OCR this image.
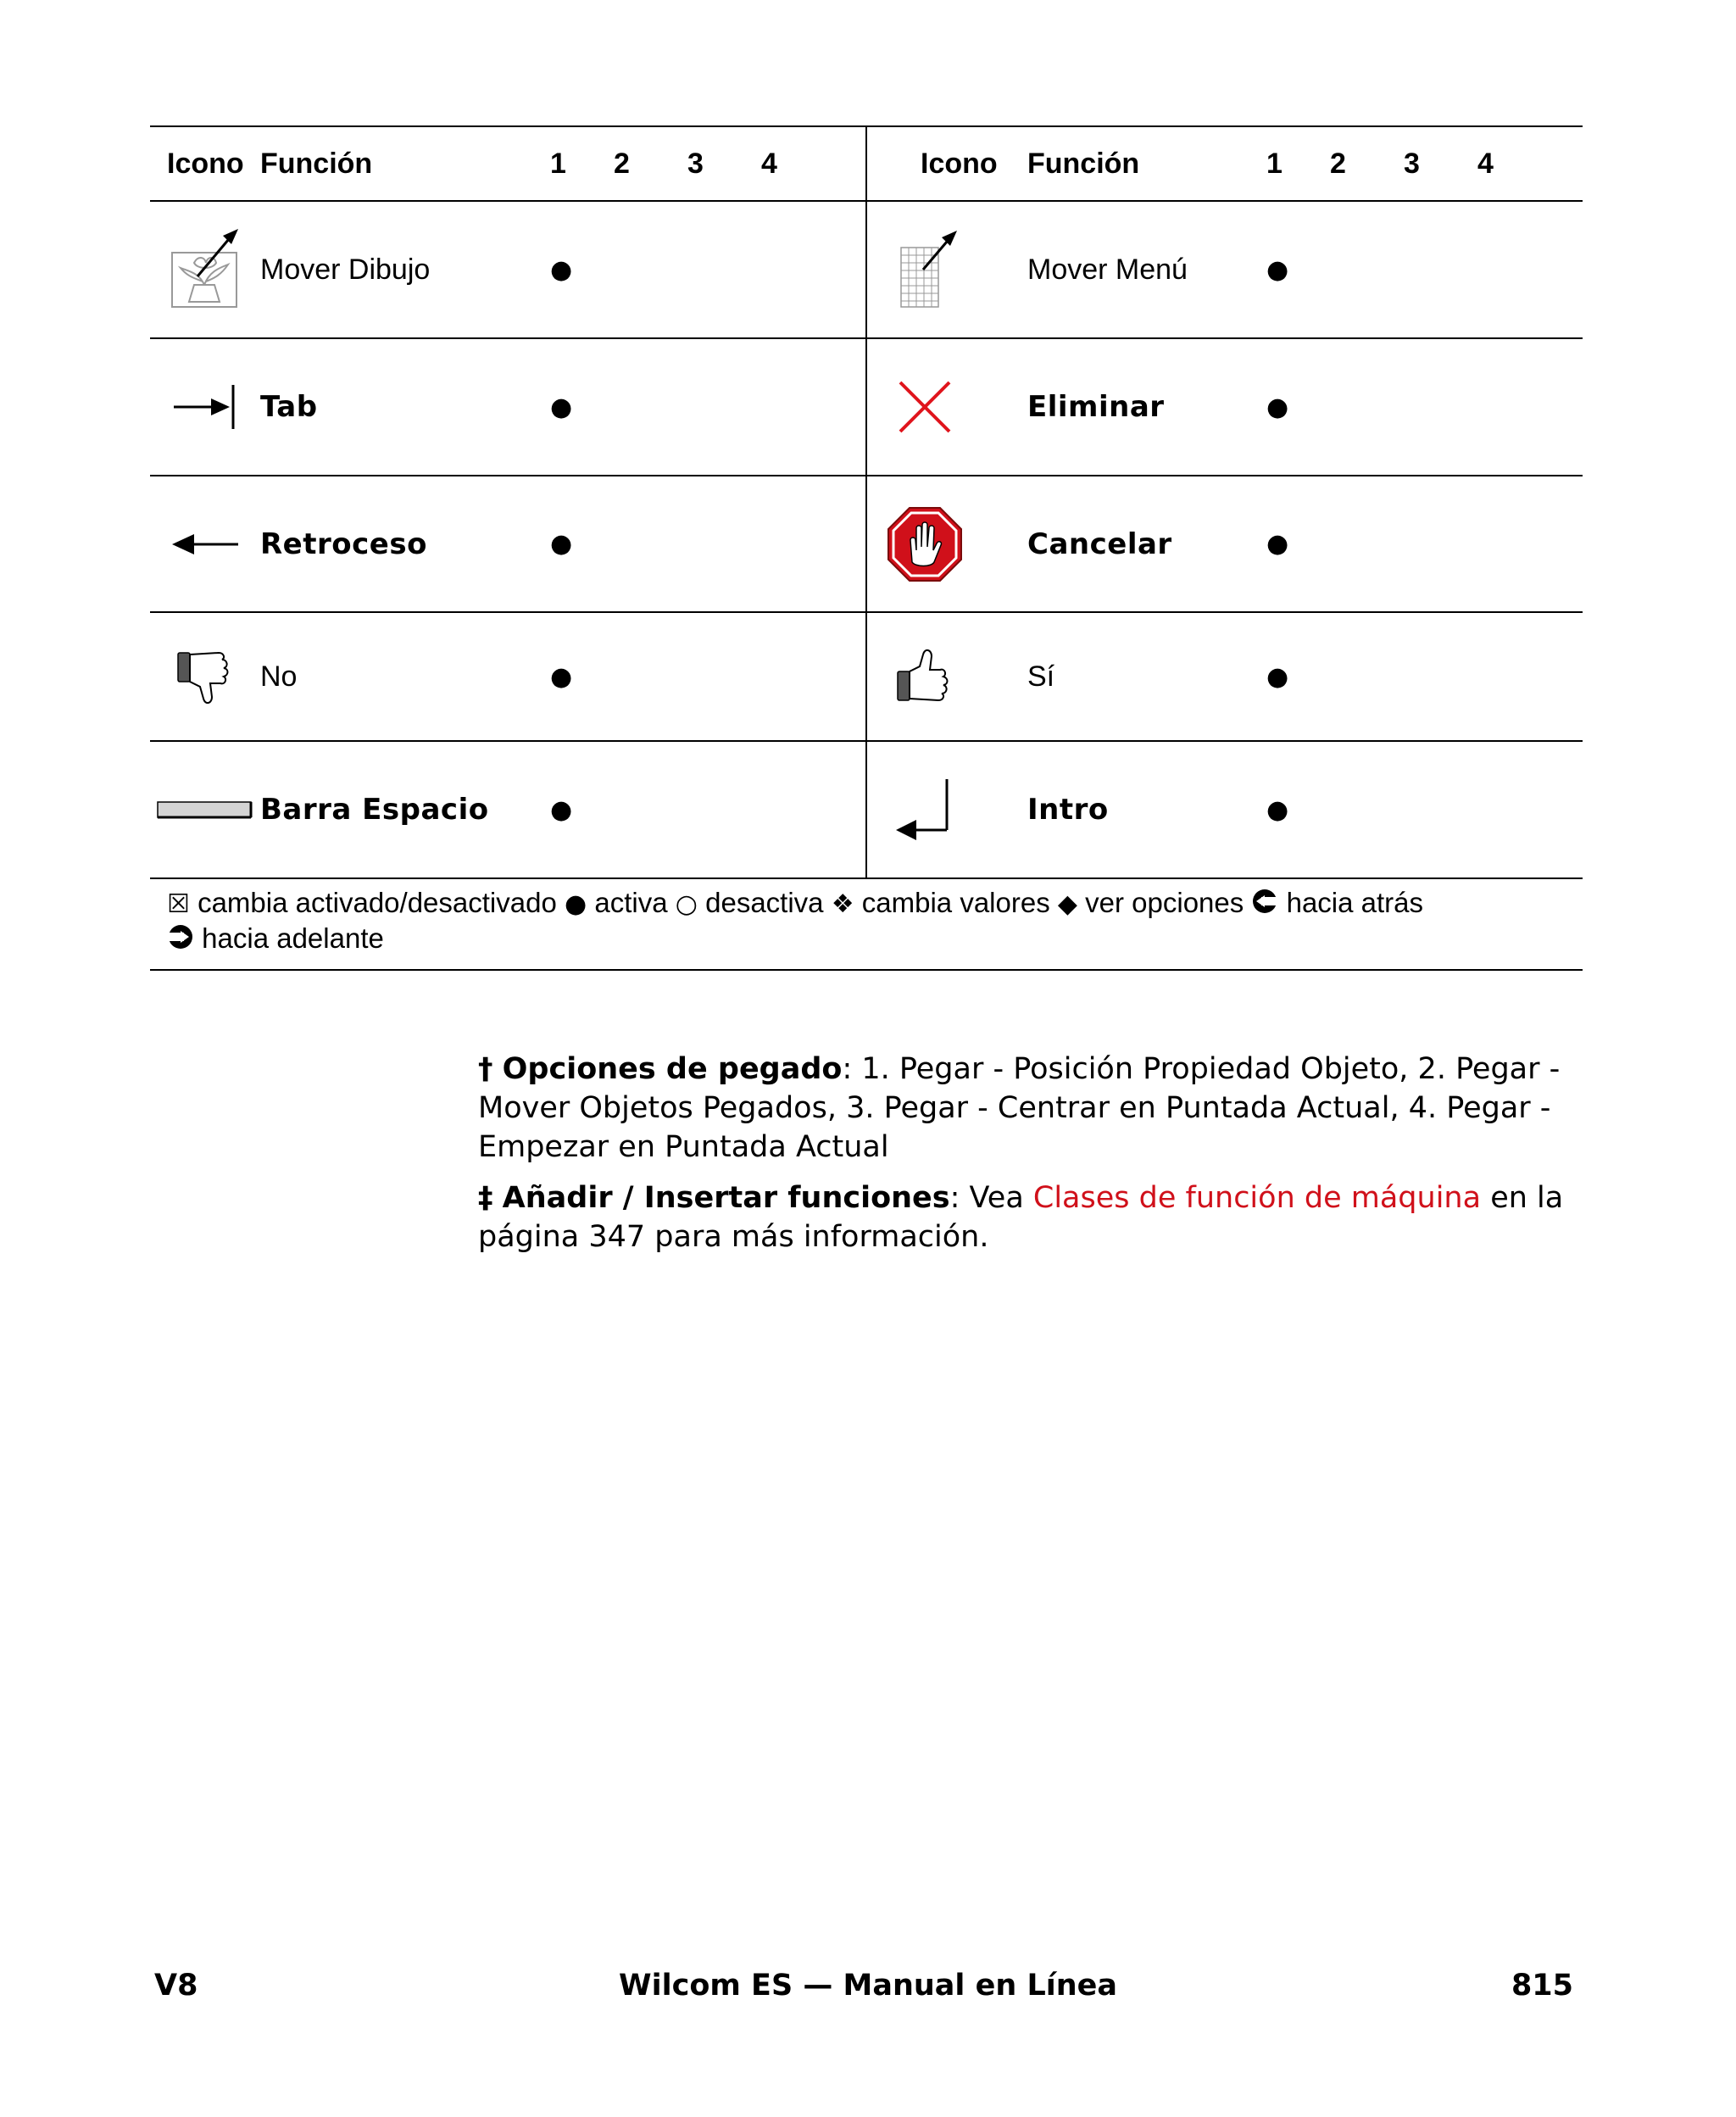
Icono	Función	1	2	3	4	Icono	Función	1	2	3	4
	Mover Dibujo	●					Mover Menú	●			
	Tab	●					Eliminar	●			
	Retroceso	●					Cancelar	●			
	No	●					Sí	●			
	Barra Espacio	●					Intro	●			
☒ cambia activado/desactivado ● activa ○ desactiva ❖ cambia valores ◆ ver opciones hacia atrás
hacia adelante											

† Opciones de pegado: 1. Pegar - Posición Propiedad Objeto, 2. Pegar - Mover Objetos Pegados, 3. Pegar - Centrar en Puntada Actual, 4. Pegar - Empezar en Puntada Actual

‡ Añadir / Insertar funciones: Vea Clases de función de máquina en la página 347 para más información.

V8	Wilcom ES — Manual en Línea	815
